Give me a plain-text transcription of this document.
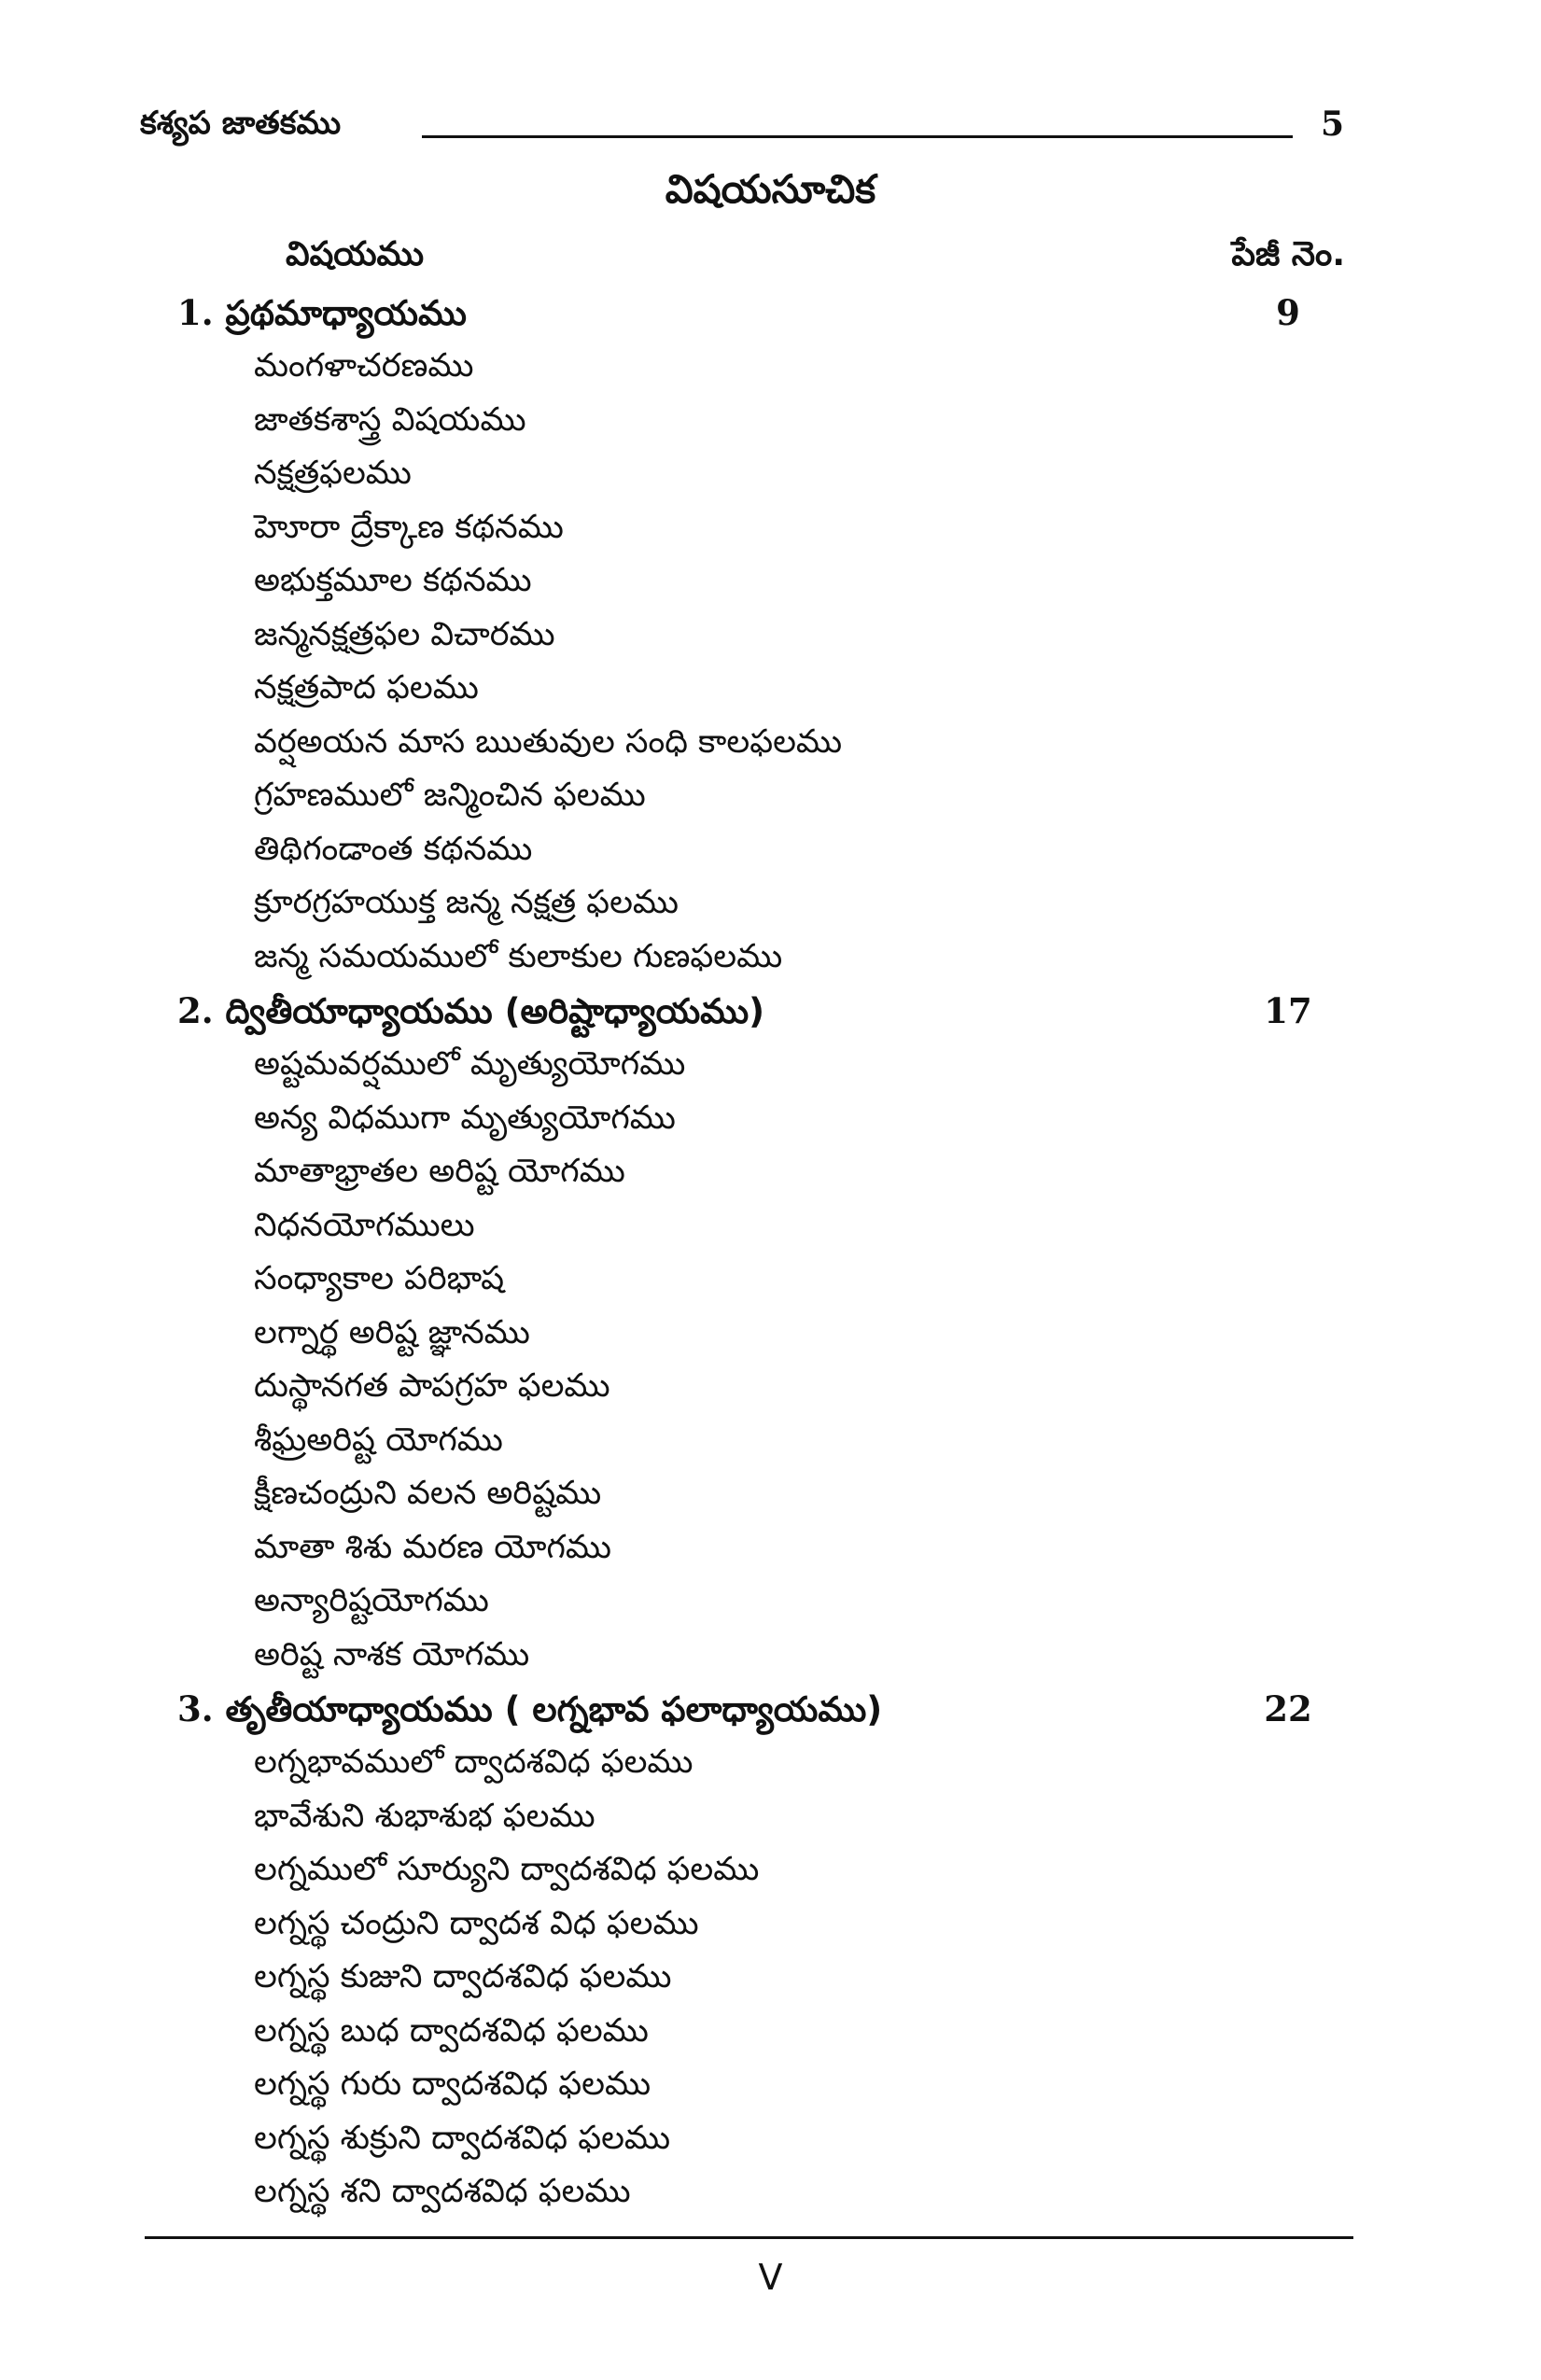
కశ్యప జాతకము	5
విషయసూచిక
విషయము	పేజీ నెం.
1. ప్రథమాధ్యాయము	9
మంగళాచరణము
జాతకశాస్త్ర విషయము
నక్షత్రఫలము
హెూరా ద్రేక్కాణ కథనము
అభుక్తమూల కథనము
జన్మనక్షత్రఫల విచారము
నక్షత్రపాద ఫలము
వర్షఅయన మాస ఋతువుల సంధి కాలఫలము
గ్రహణములో జన్మించిన ఫలము
తిథిగండాంత కథనము
క్రూరగ్రహయుక్త జన్మ నక్షత్ర ఫలము
జన్మ సమయములో కులాకుల గుణఫలము
2. ద్వితీయాధ్యాయము (అరిష్టాధ్యాయము)	17
అష్టమవర్షములో మృత్యుయోగము
అన్య విధముగా మృత్యుయోగము
మాతాభ్రాతల అరిష్ట యోగము
నిధనయోగములు
సంధ్యాకాల పరిభాష
లగ్నార్థ అరిష్ట జ్ఞానము
దుస్థానగత పాపగ్రహ ఫలము
శీఘ్రఅరిష్ట యోగము
క్షీణచంద్రుని వలన అరిష్టము
మాతా శిశు మరణ యోగము
అన్యారిష్టయోగము
అరిష్ట నాశక యోగము
3. తృతీయాధ్యాయము ( లగ్నభావ ఫలాధ్యాయము)	22
లగ్నభావములో ద్వాదశవిధ ఫలము
భావేశుని శుభాశుభ ఫలము
లగ్నములో సూర్యుని ద్వాదశవిధ ఫలము
లగ్నస్థ చంద్రుని ద్వాదశ విధ ఫలము
లగ్నస్థ కుజుని ద్వాదశవిధ ఫలము
లగ్నస్థ బుధ ద్వాదశవిధ ఫలము
లగ్నస్థ గురు ద్వాదశవిధ ఫలము
లగ్నస్థ శుక్రుని ద్వాదశవిధ ఫలము
లగ్నస్థ శని ద్వాదశవిధ ఫలము
V
